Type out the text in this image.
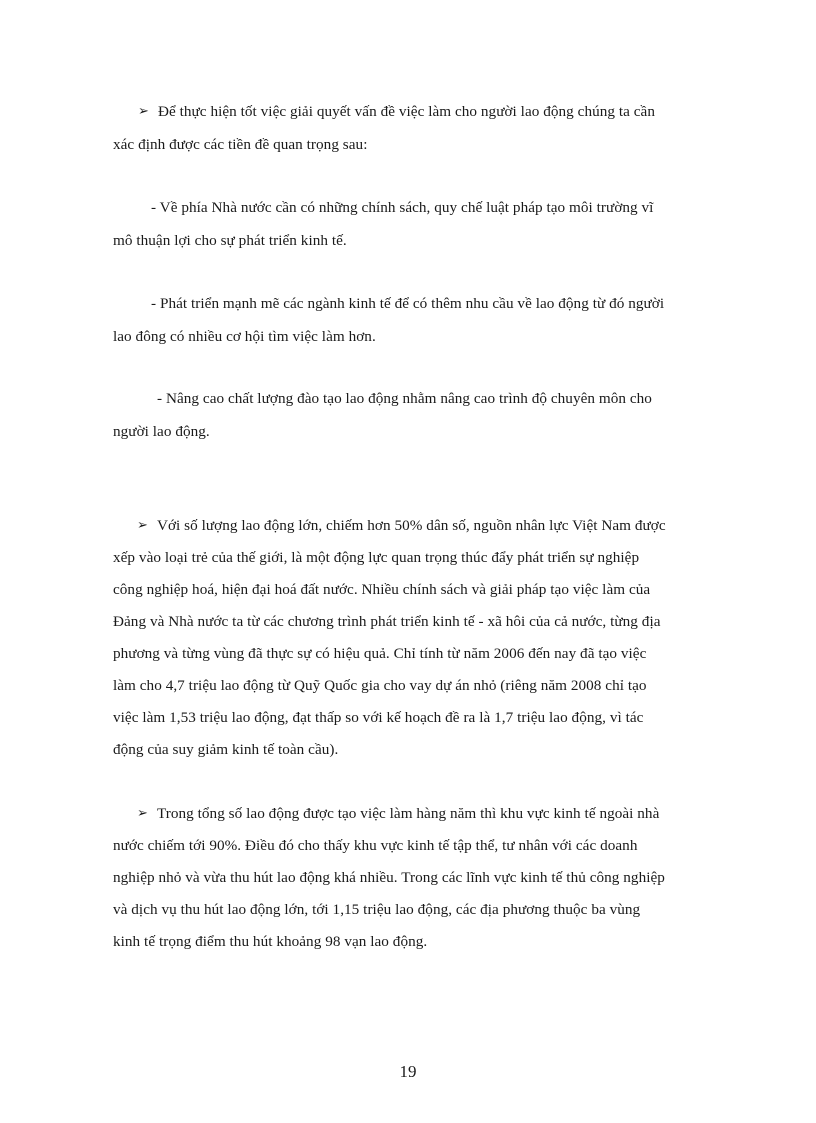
➢ Để thực hiện tốt việc giải quyết vấn đề việc làm cho người lao động chúng ta cần
xác định được các tiền đề quan trọng sau:
- Về phía Nhà nước cần có những chính sách, quy chế luật pháp tạo môi trường vĩ
mô thuận lợi cho sự phát triển kinh tế.
- Phát triển mạnh mẽ các ngành kinh tế để có thêm nhu cầu về lao động từ đó người
lao đông có nhiều cơ hội tìm việc làm hơn.
- Nâng cao chất lượng đào tạo lao động nhằm nâng cao trình độ chuyên môn cho
người lao động.
➢ Với số lượng lao động lớn, chiếm hơn 50% dân số, nguồn nhân lực Việt Nam được
xếp vào loại trẻ của thế giới, là một động lực quan trọng thúc đẩy phát triển sự nghiệp
công nghiệp hoá, hiện đại hoá đất nước. Nhiều chính sách và giải pháp tạo việc làm của
Đảng và Nhà nước ta từ các chương trình phát triển kinh tế - xã hôi của cả nước, từng địa
phương và từng vùng đã thực sự có hiệu quả. Chỉ tính từ năm 2006 đến nay đã tạo việc
làm cho 4,7 triệu lao động từ Quỹ Quốc gia cho vay dự án nhỏ (riêng năm 2008 chỉ tạo
việc làm 1,53 triệu lao động, đạt thấp so với kế hoạch đề ra là 1,7 triệu lao động, vì tác
động của suy giảm kinh tế toàn cầu).
➢ Trong tổng số lao động được tạo việc làm hàng năm thì khu vực kinh tế ngoài nhà
nước chiếm tới 90%. Điều đó cho thấy khu vực kinh tế tập thể, tư nhân với các doanh
nghiệp nhỏ và vừa thu hút lao động khá nhiều. Trong các lĩnh vực kinh tế thủ công nghiệp
và dịch vụ thu hút lao động lớn, tới 1,15 triệu lao động, các địa phương thuộc ba vùng
kinh tế trọng điểm thu hút khoảng 98 vạn lao động.
19
